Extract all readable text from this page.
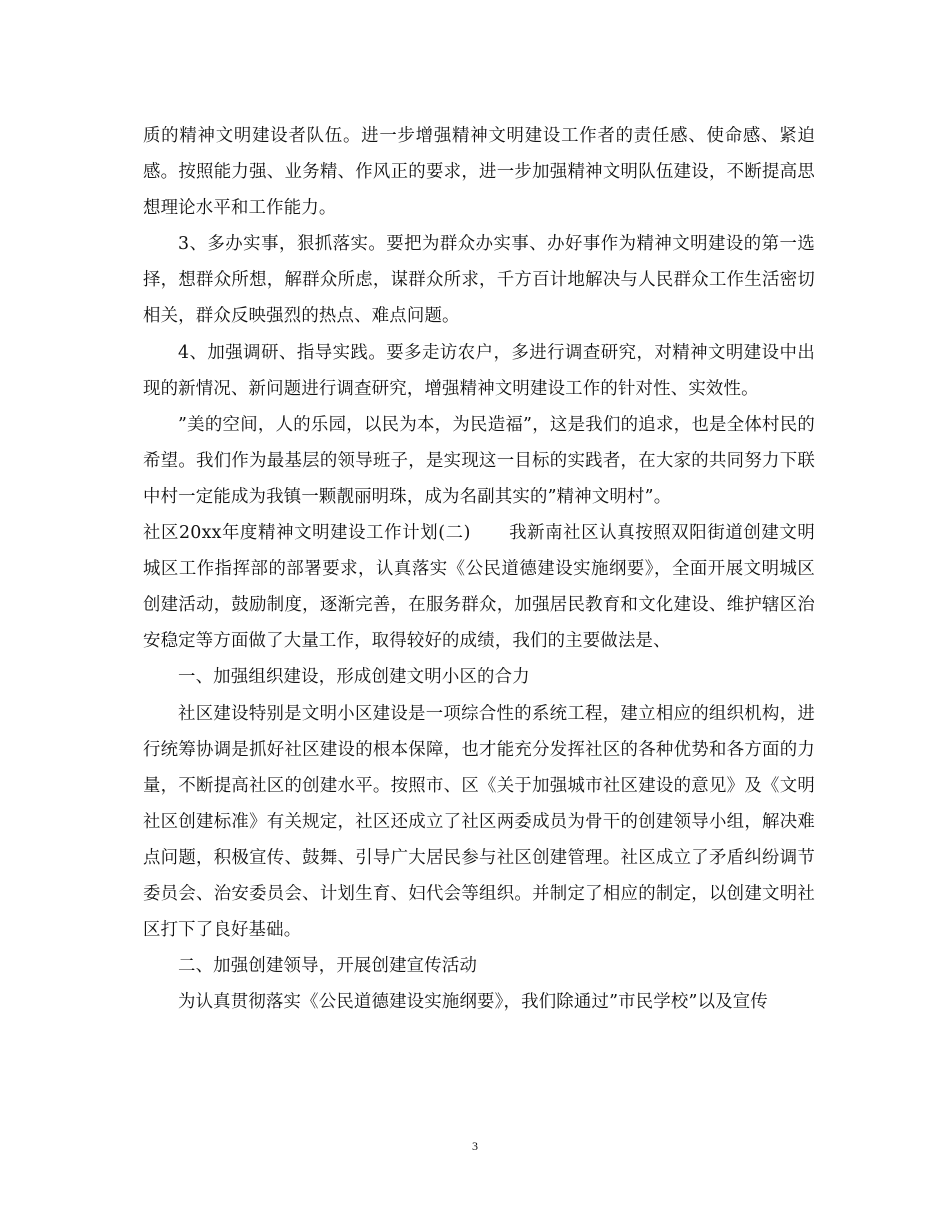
质的精神文明建设者队伍。进一步增强精神文明建设工作者的责任感、使命感、紧迫感。按照能力强、业务精、作风正的要求，进一步加强精神文明队伍建设，不断提高思想理论水平和工作能力。

3、多办实事，狠抓落实。要把为群众办实事、办好事作为精神文明建设的第一选择，想群众所想，解群众所虑，谋群众所求，千方百计地解决与人民群众工作生活密切相关，群众反映强烈的热点、难点问题。

4、加强调研、指导实践。要多走访农户，多进行调查研究，对精神文明建设中出现的新情况、新问题进行调查研究，增强精神文明建设工作的针对性、实效性。

”美的空间，人的乐园，以民为本，为民造福”，这是我们的追求，也是全体村民的希望。我们作为最基层的领导班子，是实现这一目标的实践者，在大家的共同努力下联中村一定能成为我镇一颗靓丽明珠，成为名副其实的”精神文明村”。

社区20xx年度精神文明建设工作计划(二) 我新南社区认真按照双阳街道创建文明城区工作指挥部的部署要求，认真落实《公民道德建设实施纲要》，全面开展文明城区创建活动，鼓励制度，逐渐完善，在服务群众，加强居民教育和文化建设、维护辖区治安稳定等方面做了大量工作，取得较好的成绩，我们的主要做法是、

一、加强组织建设，形成创建文明小区的合力

社区建设特别是文明小区建设是一项综合性的系统工程，建立相应的组织机构，进行统筹协调是抓好社区建设的根本保障，也才能充分发挥社区的各种优势和各方面的力量，不断提高社区的创建水平。按照市、区《关于加强城市社区建设的意见》及《文明社区创建标准》有关规定，社区还成立了社区两委成员为骨干的创建领导小组，解决难点问题，积极宣传、鼓舞、引导广大居民参与社区创建管理。社区成立了矛盾纠纷调节委员会、治安委员会、计划生育、妇代会等组织。并制定了相应的制定，以创建文明社区打下了良好基础。

二、加强创建领导，开展创建宣传活动

为认真贯彻落实《公民道德建设实施纲要》，我们除通过”市民学校”以及宣传

3
